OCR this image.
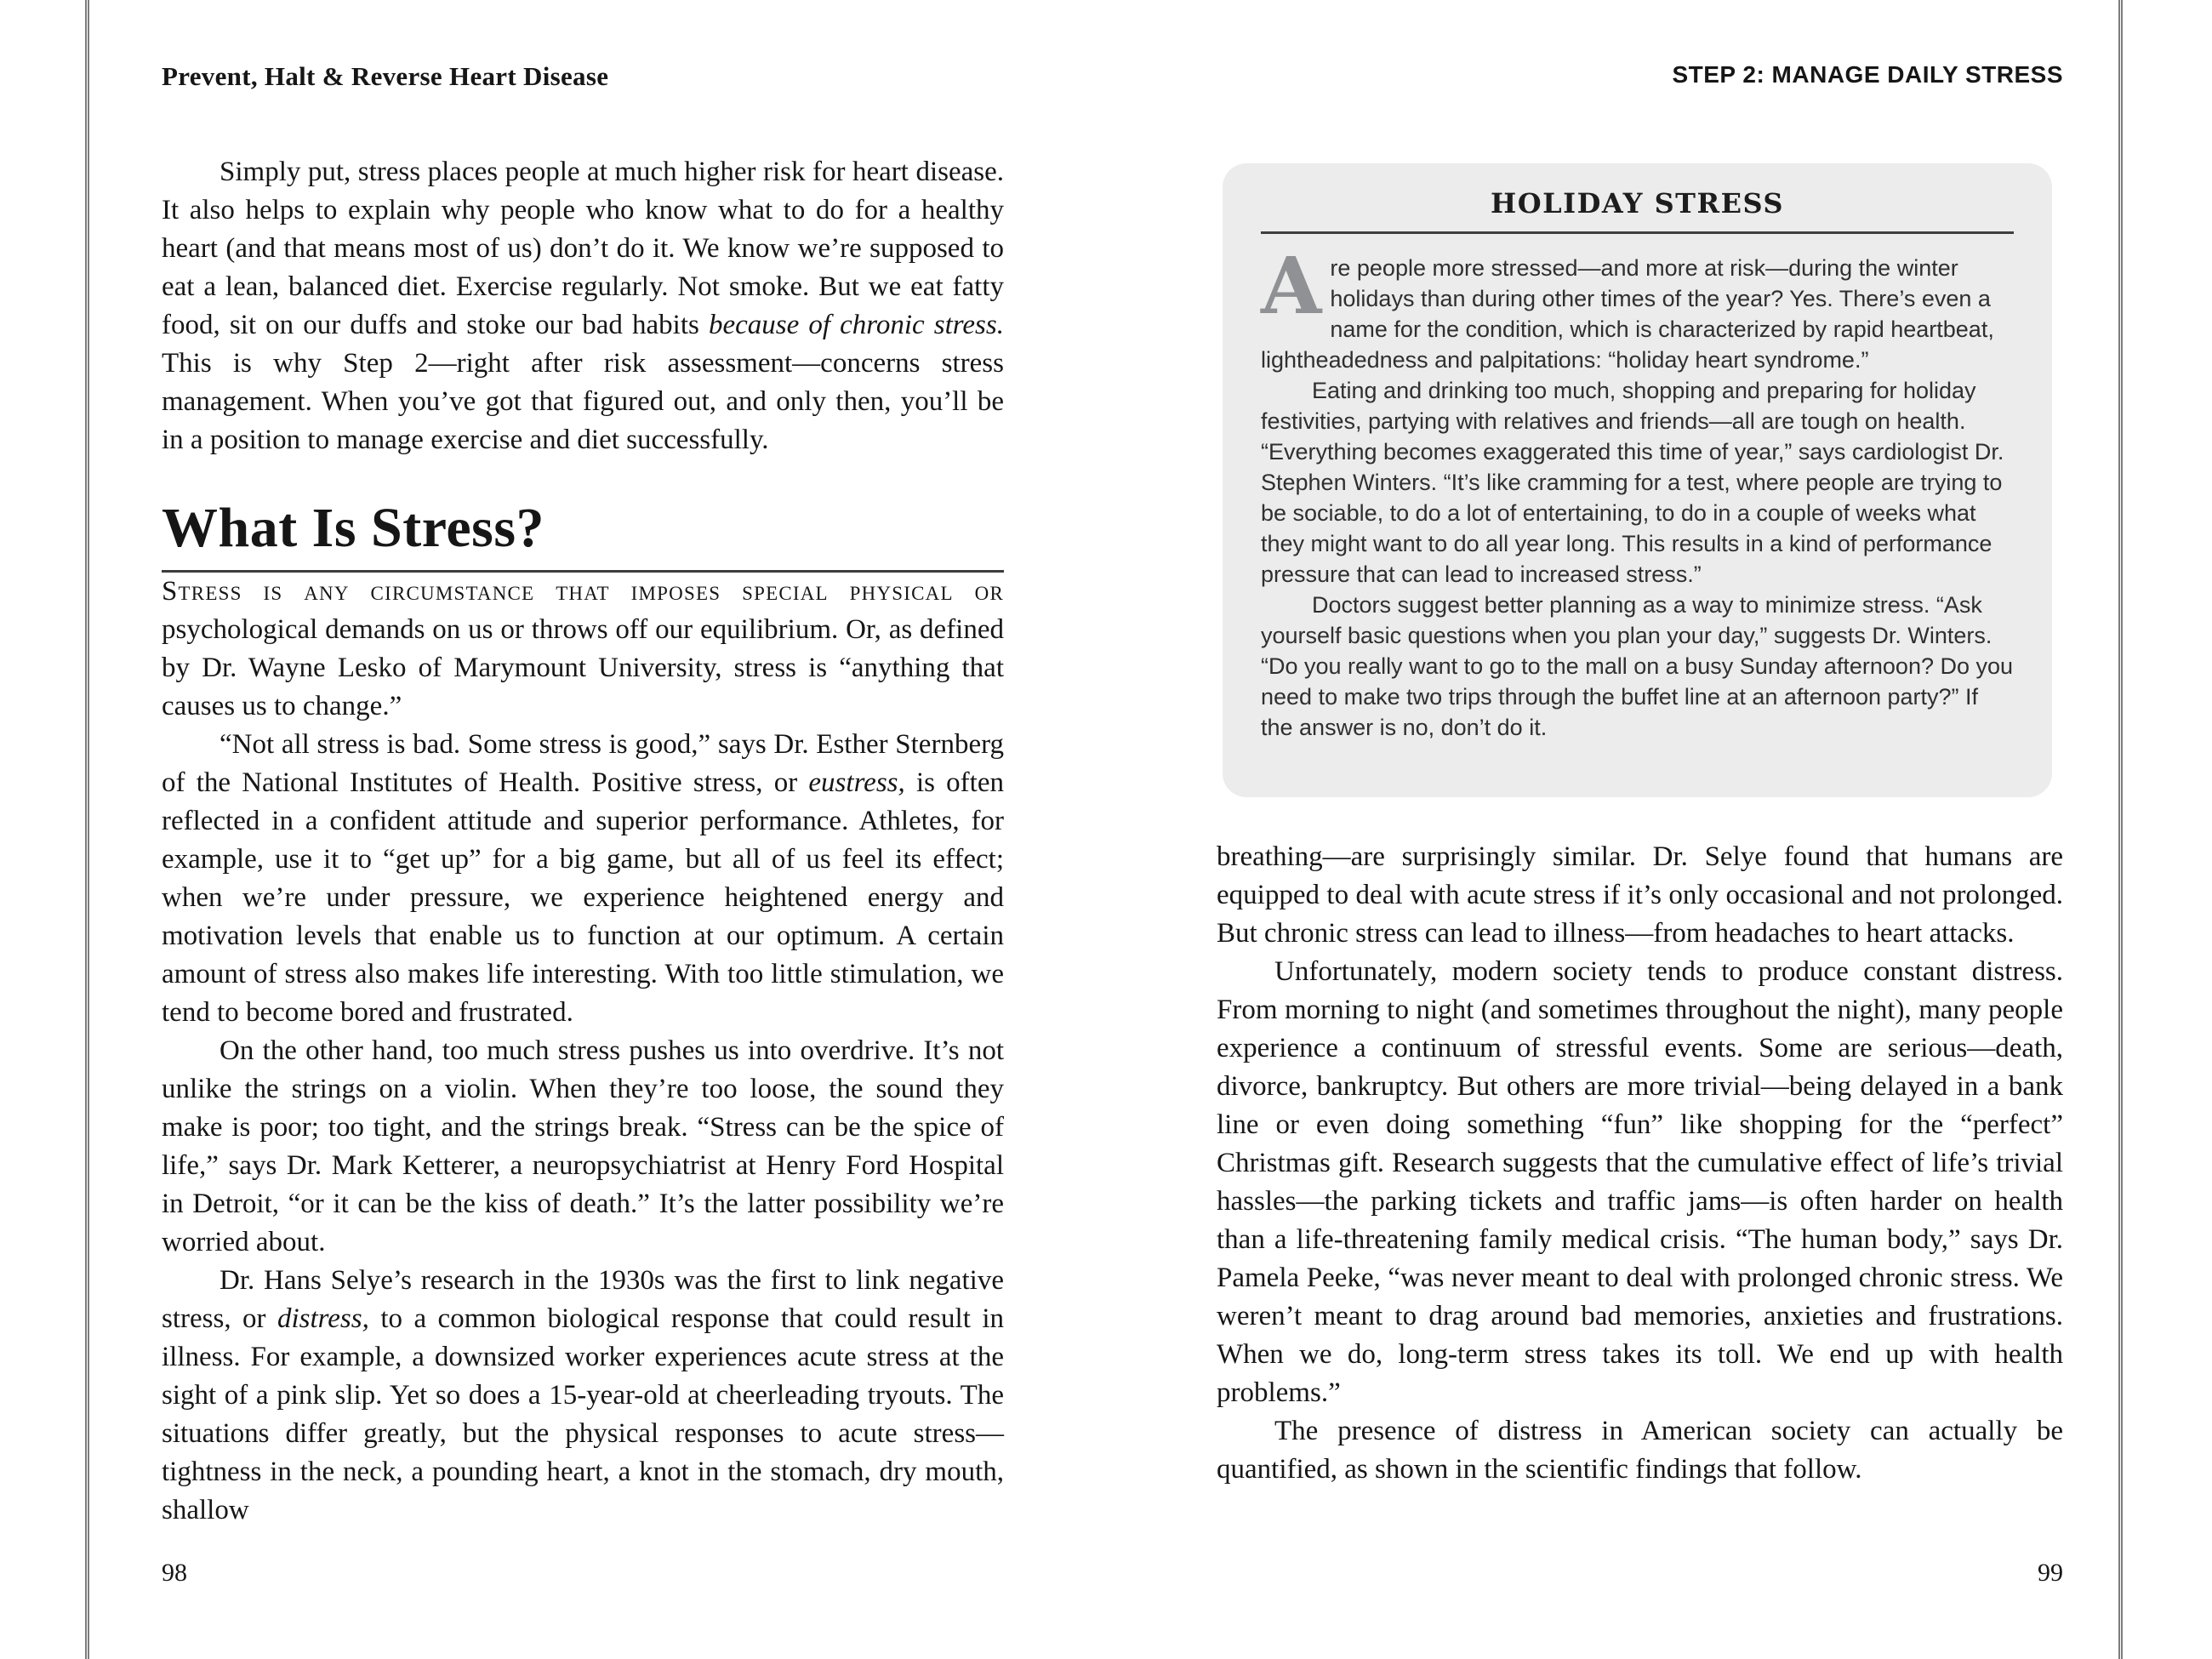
Prevent, Halt & Reverse Heart Disease

Simply put, stress places people at much higher risk for heart disease. It also helps to explain why people who know what to do for a healthy heart (and that means most of us) don’t do it. We know we’re supposed to eat a lean, balanced diet. Exercise regularly. Not smoke. But we eat fatty food, sit on our duffs and stoke our bad habits because of chronic stress. This is why Step 2—right after risk assessment—concerns stress management. When you’ve got that figured out, and only then, you’ll be in a position to manage exercise and diet successfully.

What Is Stress?

Stress is any circumstance that imposes special physical or psychological demands on us or throws off our equilibrium. Or, as defined by Dr. Wayne Lesko of Marymount University, stress is “anything that causes us to change.”

“Not all stress is bad. Some stress is good,” says Dr. Esther Sternberg of the National Institutes of Health. Positive stress, or eustress, is often reflected in a confident attitude and superior performance. Athletes, for example, use it to “get up” for a big game, but all of us feel its effect; when we’re under pressure, we experience heightened energy and motivation levels that enable us to function at our optimum. A certain amount of stress also makes life interesting. With too little stimulation, we tend to become bored and frustrated.

On the other hand, too much stress pushes us into overdrive. It’s not unlike the strings on a violin. When they’re too loose, the sound they make is poor; too tight, and the strings break. “Stress can be the spice of life,” says Dr. Mark Ketterer, a neuropsychiatrist at Henry Ford Hospital in Detroit, “or it can be the kiss of death.” It’s the latter possibility we’re worried about.

Dr. Hans Selye’s research in the 1930s was the first to link negative stress, or distress, to a common biological response that could result in illness. For example, a downsized worker experiences acute stress at the sight of a pink slip. Yet so does a 15-year-old at cheerleading tryouts. The situations differ greatly, but the physical responses to acute stress—tightness in the neck, a pounding heart, a knot in the stomach, dry mouth, shallow

98
STEP 2: MANAGE DAILY STRESS
HOLIDAY STRESS

Are people more stressed—and more at risk—during the winter holidays than during other times of the year? Yes. There’s even a name for the condition, which is characterized by rapid heartbeat, lightheadedness and palpitations: “holiday heart syndrome.”

Eating and drinking too much, shopping and preparing for holiday festivities, partying with relatives and friends—all are tough on health. “Everything becomes exaggerated this time of year,” says cardiologist Dr. Stephen Winters. “It’s like cramming for a test, where people are trying to be sociable, to do a lot of entertaining, to do in a couple of weeks what they might want to do all year long. This results in a kind of performance pressure that can lead to increased stress.”

Doctors suggest better planning as a way to minimize stress. “Ask yourself basic questions when you plan your day,” suggests Dr. Winters. “Do you really want to go to the mall on a busy Sunday afternoon? Do you need to make two trips through the buffet line at an afternoon party?” If the answer is no, don’t do it.

breathing—are surprisingly similar. Dr. Selye found that humans are equipped to deal with acute stress if it’s only occasional and not prolonged. But chronic stress can lead to illness—from headaches to heart attacks.

Unfortunately, modern society tends to produce constant distress. From morning to night (and sometimes throughout the night), many people experience a continuum of stressful events. Some are serious—death, divorce, bankruptcy. But others are more trivial—being delayed in a bank line or even doing something “fun” like shopping for the “perfect” Christmas gift. Research suggests that the cumulative effect of life’s trivial hassles—the parking tickets and traffic jams—is often harder on health than a life-threatening family medical crisis. “The human body,” says Dr. Pamela Peeke, “was never meant to deal with prolonged chronic stress. We weren’t meant to drag around bad memories, anxieties and frustrations. When we do, long-term stress takes its toll. We end up with health problems.”

The presence of distress in American society can actually be quantified, as shown in the scientific findings that follow.

99
